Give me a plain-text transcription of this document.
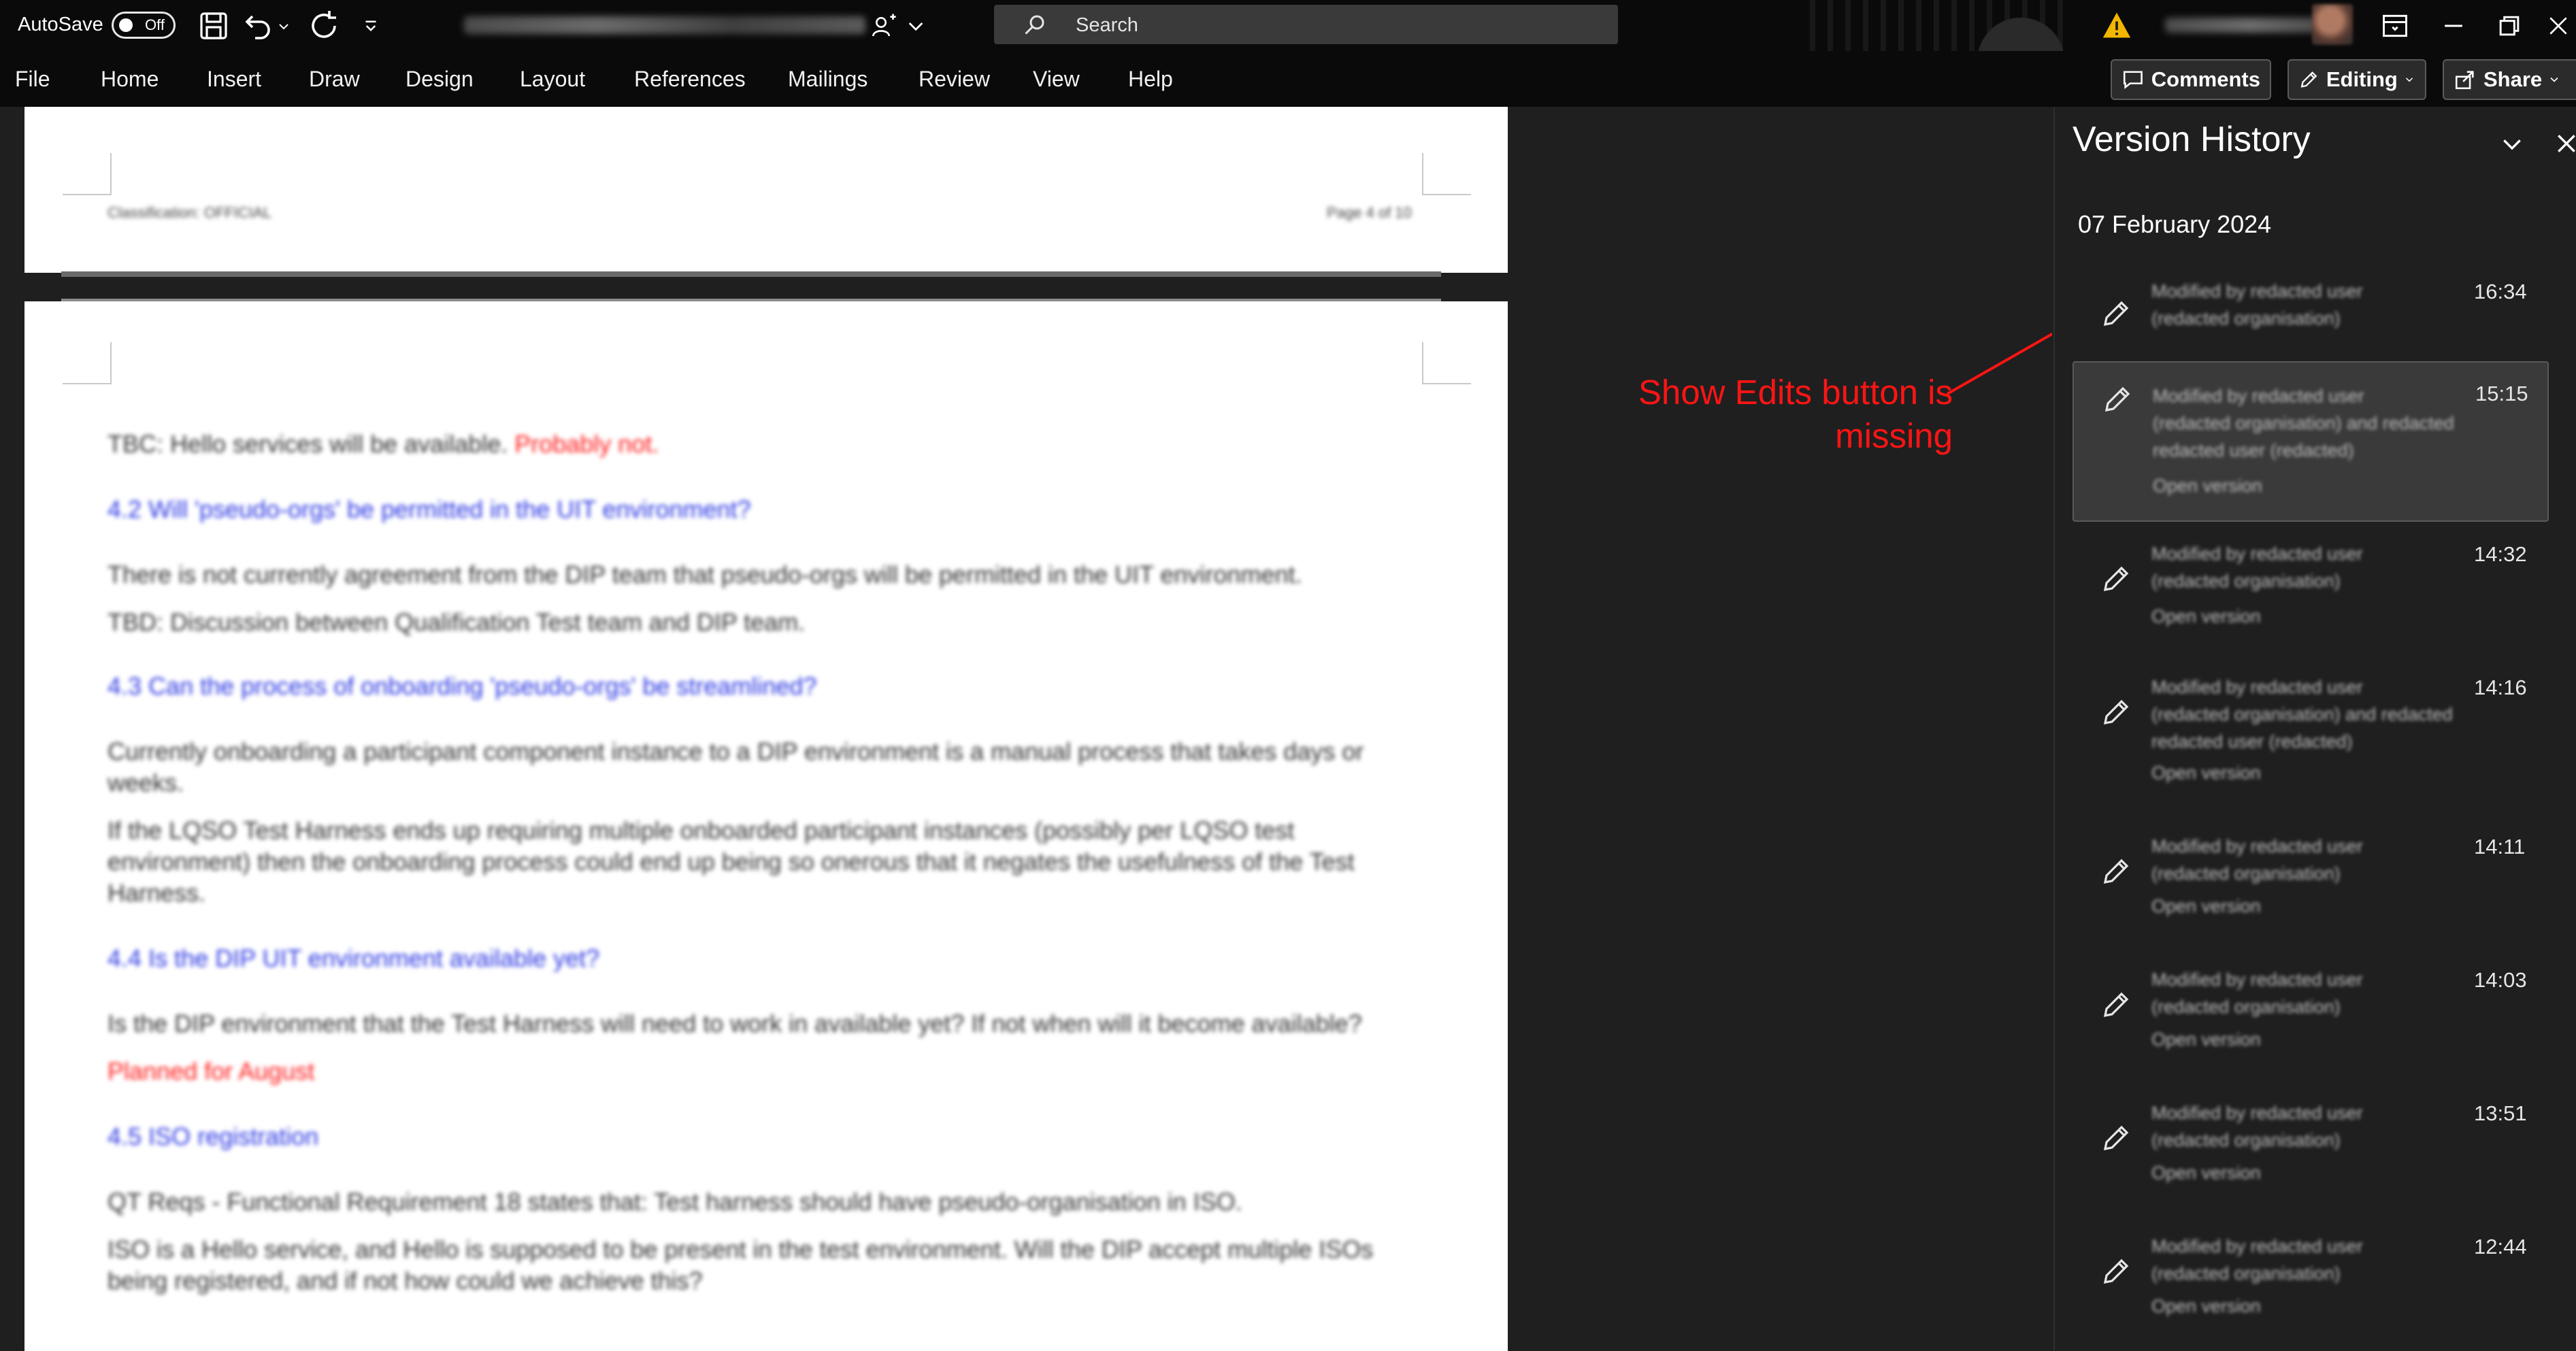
AutoSave	Off	Search
File Home Insert Draw Design Layout References Mailings Review View Help	Comments	Editing	Share
Classification: OFFICIAL	Page 4 of 10
TBC: Hello services will be available. Probably not.
4.2 Will 'pseudo-orgs' be permitted in the UIT environment?
There is not currently agreement from the DIP team that pseudo-orgs will be permitted in the UIT environment.
TBD: Discussion between Qualification Test team and DIP team.
4.3 Can the process of onboarding 'pseudo-orgs' be streamlined?
Currently onboarding a participant component instance to a DIP environment is a manual process that takes days or
weeks.
If the LQSO Test Harness ends up requiring multiple onboarded participant instances (possibly per LQSO test
environment) then the onboarding process could end up being so onerous that it negates the usefulness of the Test
Harness.
4.4 Is the DIP UIT environment available yet?
Is the DIP environment that the Test Harness will need to work in available yet? If not when will it become available?
Planned for August
4.5 ISO registration
QT Reqs - Functional Requirement 18 states that: Test harness should have pseudo-organisation in ISO.
ISO is a Hello service, and Hello is supposed to be present in the test environment. Will the DIP accept multiple ISOs
being registered, and if not how could we achieve this?
Show Edits button is
missing
Version History
07 February 2024
16:34
Modified by redacted user
(redacted organisation)
15:15
Modified by redacted user
(redacted organisation) and redacted
redacted user (redacted)
Open version
14:32
Modified by redacted user
(redacted organisation)
Open version
14:16
Modified by redacted user
(redacted organisation) and redacted
redacted user (redacted)
Open version
14:11
Modified by redacted user
(redacted organisation)
Open version
14:03
Modified by redacted user
(redacted organisation)
Open version
13:51
Modified by redacted user
(redacted organisation)
Open version
12:44
Modified by redacted user
(redacted organisation)
Open version
